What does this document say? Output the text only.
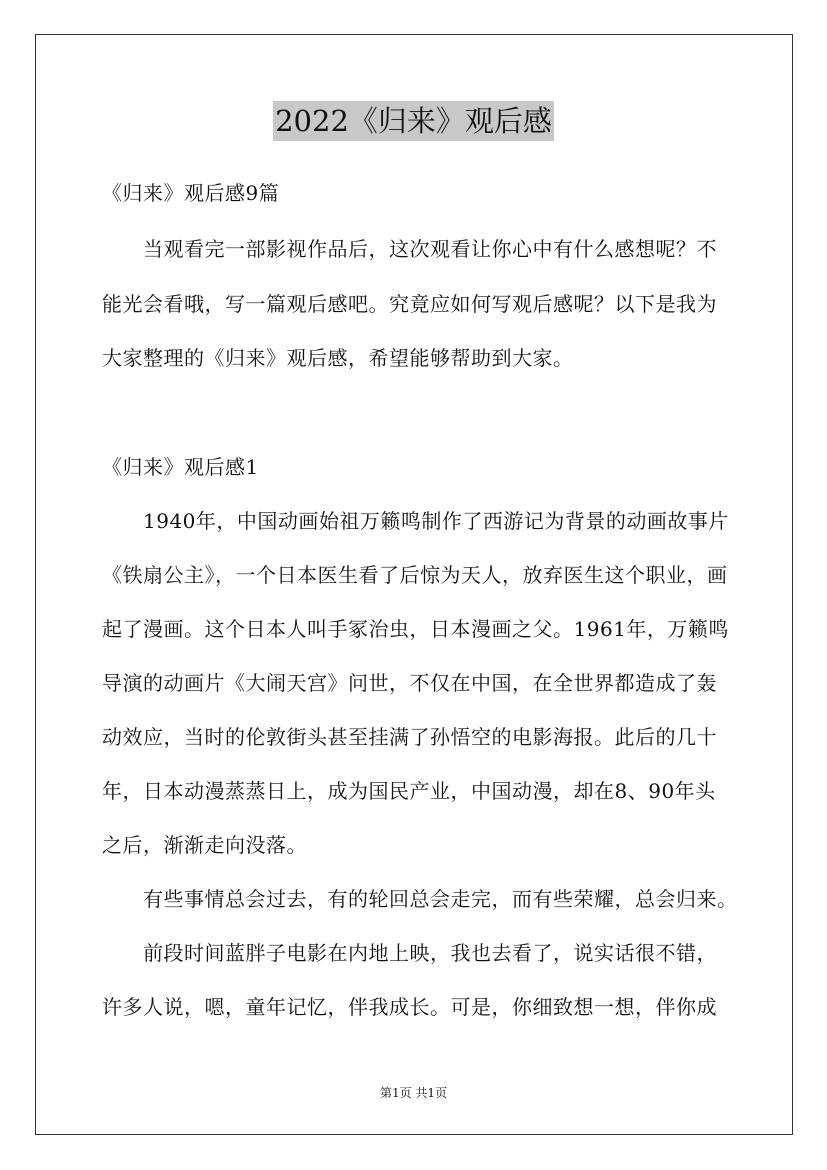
2022《归来》观后感
《归来》观后感9篇
当观看完一部影视作品后，这次观看让你心中有什么感想呢？不
能光会看哦，写一篇观后感吧。究竟应如何写观后感呢？以下是我为
大家整理的《归来》观后感，希望能够帮助到大家。
《归来》观后感1
1940年，中国动画始祖万籁鸣制作了西游记为背景的动画故事片
《铁扇公主》，一个日本医生看了后惊为天人，放弃医生这个职业，画
起了漫画。这个日本人叫手冢治虫，日本漫画之父。1961年，万籁鸣
导演的动画片《大闹天宫》问世，不仅在中国，在全世界都造成了轰
动效应，当时的伦敦街头甚至挂满了孙悟空的电影海报。此后的几十
年，日本动漫蒸蒸日上，成为国民产业，中国动漫，却在8、90年头
之后，渐渐走向没落。
有些事情总会过去，有的轮回总会走完，而有些荣耀，总会归来。
前段时间蓝胖子电影在内地上映，我也去看了，说实话很不错，
许多人说，嗯，童年记忆，伴我成长。可是，你细致想一想，伴你成
第1页 共1页
